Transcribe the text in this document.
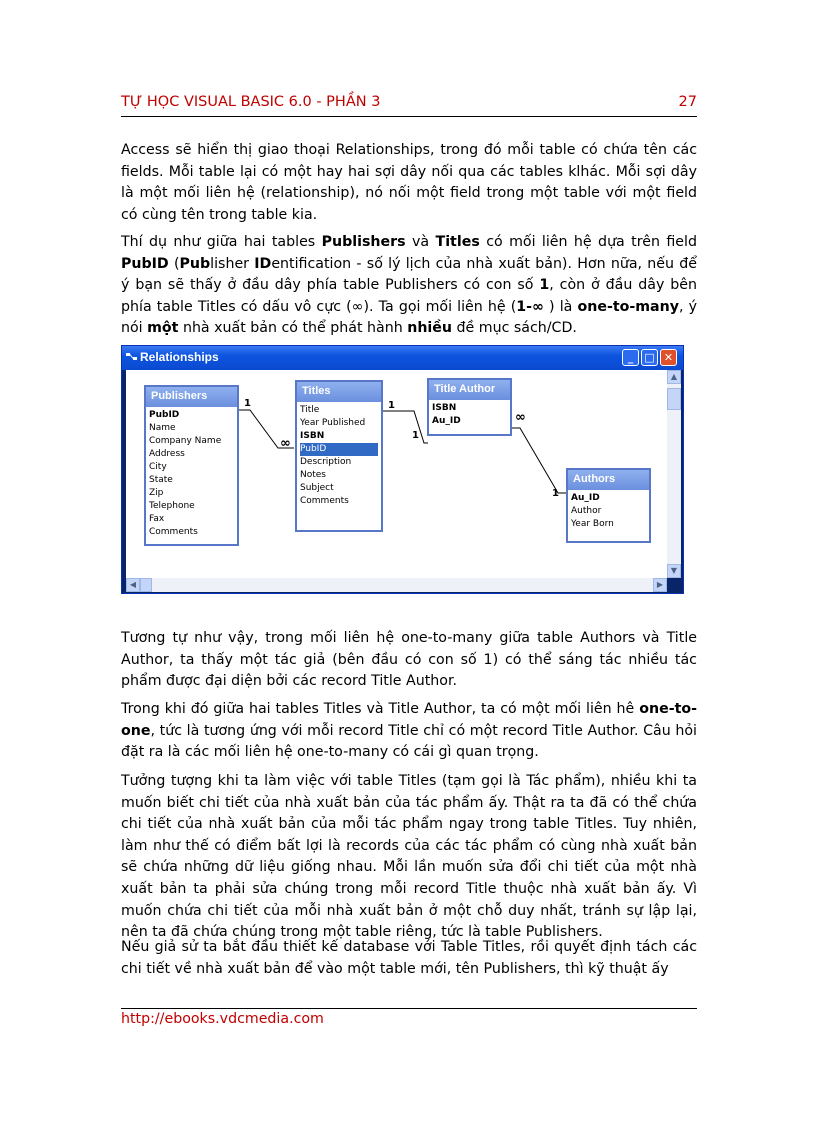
TỰ HỌC VISUAL BASIC 6.0 - PHẦN 3	27

Access sẽ hiển thị giao thoại Relationships, trong đó mỗi table có chứa tên các fields. Mỗi table lại có một hay hai sợi dây nối qua các tables klhác. Mỗi sợi dây là một mối liên hệ (relationship), nó nối một field trong một table với một field có cùng tên trong table kia.

Thí dụ như giữa hai tables Publishers và Titles có mối liên hệ dựa trên field PubID (Publisher IDentification - số lý lịch của nhà xuất bản). Hơn nữa, nếu để ý bạn sẽ thấy ở đầu dây phía table Publishers có con số 1, còn ở đầu dây bên phía table Titles có dấu vô cực (∞). Ta gọi mối liên hệ (1-∞ ) là one-to-many, ý nói một nhà xuất bản có thể phát hành nhiều đề mục sách/CD.

Relationships	_	□ ✕
1
∞
1
1
∞
1
Publishers
PubID
Name
Company Name
Address
City
State
Zip
Telephone
Fax
Comments
Titles
Title
Year Published
ISBN
PubID
Description
Notes
Subject
Comments
Title Author
ISBN
Au_ID
Authors
Au_ID
Author
Year Born
▲
▼
◀	▶

Tương tự như vậy, trong mối liên hệ one-to-many giữa table Authors và Title Author, ta thấy một tác giả (bên đầu có con số 1) có thể sáng tác nhiều tác phẩm được đại diện bởi các record Title Author.

Trong khi đó giữa hai tables Titles và Title Author, ta có một mối liên hê one-to-one, tức là tương ứng với mỗi record Title chỉ có một record Title Author. Câu hỏi đặt ra là các mối liên hệ one-to-many có cái gì quan trọng.

Tưởng tượng khi ta làm việc với table Titles (tạm gọi là Tác phẩm), nhiều khi ta muốn biết chi tiết của nhà xuất bản của tác phẩm ấy. Thật ra ta đã có thể chứa chi tiết của nhà xuất bản của mỗi tác phẩm ngay trong table Titles. Tuy nhiên, làm như thế có điểm bất lợi là records của các tác phẩm có cùng nhà xuất bản sẽ chứa những dữ liệu giống nhau. Mỗi lần muốn sửa đổi chi tiết của một nhà xuất bản ta phải sửa chúng trong mỗi record Title thuộc nhà xuất bản ấy. Vì muốn chứa chi tiết của mỗi nhà xuất bản ở một chỗ duy nhất, tránh sự lập lại, nên ta đã chứa chúng trong một table riêng, tức là table Publishers.

Nếu giả sử ta bắt đầu thiết kế database với Table Titles, rồi quyết định tách các chi tiết về nhà xuất bản để vào một table mới, tên Publishers, thì kỹ thuật ấy

http://ebooks.vdcmedia.com
